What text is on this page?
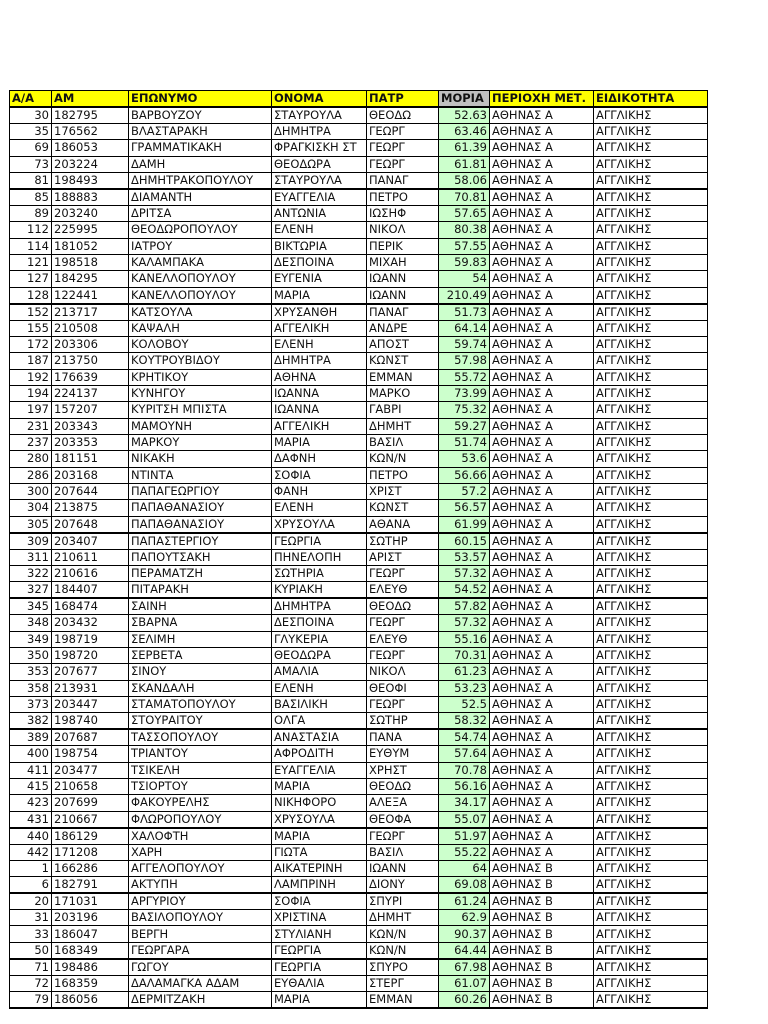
Α/Α	ΑΜ	ΕΠΩΝΥΜΟ	ΟΝΟΜΑ	ΠΑΤΡ	ΜΟΡΙΑ	ΠΕΡΙΟΧΗ ΜΕΤ.	ΕΙΔΙΚΟΤΗΤΑ
30	182795	ΒΑΡΒΟΥΖΟΥ	ΣΤΑΥΡΟΥΛΑ	ΘΕΟΔΩ	52.63	ΑΘΗΝΑΣ Α	ΑΓΓΛΙΚΗΣ
35	176562	ΒΛΑΣΤΑΡΑΚΗ	ΔΗΜΗΤΡΑ	ΓΕΩΡΓ	63.46	ΑΘΗΝΑΣ Α	ΑΓΓΛΙΚΗΣ
69	186053	ΓΡΑΜΜΑΤΙΚΑΚΗ	ΦΡΑΓΚΙΣΚΗ ΣΤ	ΓΕΩΡΓ	61.39	ΑΘΗΝΑΣ Α	ΑΓΓΛΙΚΗΣ
73	203224	ΔΑΜΗ	ΘΕΟΔΩΡΑ	ΓΕΩΡΓ	61.81	ΑΘΗΝΑΣ Α	ΑΓΓΛΙΚΗΣ
81	198493	ΔΗΜΗΤΡΑΚΟΠΟΥΛΟΥ	ΣΤΑΥΡΟΥΛΑ	ΠΑΝΑΓ	58.06	ΑΘΗΝΑΣ Α	ΑΓΓΛΙΚΗΣ
85	188883	ΔΙΑΜΑΝΤΗ	ΕΥΑΓΓΕΛΙΑ	ΠΕΤΡΟ	70.81	ΑΘΗΝΑΣ Α	ΑΓΓΛΙΚΗΣ
89	203240	ΔΡΙΤΣΑ	ΑΝΤΩΝΙΑ	ΙΩΣΗΦ	57.65	ΑΘΗΝΑΣ Α	ΑΓΓΛΙΚΗΣ
112	225995	ΘΕΟΔΩΡΟΠΟΥΛΟΥ	ΕΛΕΝΗ	ΝΙΚΟΛ	80.38	ΑΘΗΝΑΣ Α	ΑΓΓΛΙΚΗΣ
114	181052	ΙΑΤΡΟΥ	ΒΙΚΤΩΡΙΑ	ΠΕΡΙΚ	57.55	ΑΘΗΝΑΣ Α	ΑΓΓΛΙΚΗΣ
121	198518	ΚΑΛΑΜΠΑΚΑ	ΔΕΣΠΟΙΝΑ	ΜΙΧΑΗ	59.83	ΑΘΗΝΑΣ Α	ΑΓΓΛΙΚΗΣ
127	184295	ΚΑΝΕΛΛΟΠΟΥΛΟΥ	ΕΥΓΕΝΙΑ	ΙΩΑΝΝ	54	ΑΘΗΝΑΣ Α	ΑΓΓΛΙΚΗΣ
128	122441	ΚΑΝΕΛΛΟΠΟΥΛΟΥ	ΜΑΡΙΑ	ΙΩΑΝΝ	210.49	ΑΘΗΝΑΣ Α	ΑΓΓΛΙΚΗΣ
152	213717	ΚΑΤΣΟΥΛΑ	ΧΡΥΣΑΝΘΗ	ΠΑΝΑΓ	51.73	ΑΘΗΝΑΣ Α	ΑΓΓΛΙΚΗΣ
155	210508	ΚΑΨΑΛΗ	ΑΓΓΕΛΙΚΗ	ΑΝΔΡΕ	64.14	ΑΘΗΝΑΣ Α	ΑΓΓΛΙΚΗΣ
172	203306	ΚΟΛΟΒΟΥ	ΕΛΕΝΗ	ΑΠΟΣΤ	59.74	ΑΘΗΝΑΣ Α	ΑΓΓΛΙΚΗΣ
187	213750	ΚΟΥΤΡΟΥΒΙΔΟΥ	ΔΗΜΗΤΡΑ	ΚΩΝΣΤ	57.98	ΑΘΗΝΑΣ Α	ΑΓΓΛΙΚΗΣ
192	176639	ΚΡΗΤΙΚΟΥ	ΑΘΗΝΑ	ΕΜΜΑΝ	55.72	ΑΘΗΝΑΣ Α	ΑΓΓΛΙΚΗΣ
194	224137	ΚΥΝΗΓΟΥ	ΙΩΑΝΝΑ	ΜΑΡΚΟ	73.99	ΑΘΗΝΑΣ Α	ΑΓΓΛΙΚΗΣ
197	157207	ΚΥΡΙΤΣΗ ΜΠΙΣΤΑ	ΙΩΑΝΝΑ	ΓΑΒΡΙ	75.32	ΑΘΗΝΑΣ Α	ΑΓΓΛΙΚΗΣ
231	203343	ΜΑΜΟΥΝΗ	ΑΓΓΕΛΙΚΗ	ΔΗΜΗΤ	59.27	ΑΘΗΝΑΣ Α	ΑΓΓΛΙΚΗΣ
237	203353	ΜΑΡΚΟΥ	ΜΑΡΙΑ	ΒΑΣΙΛ	51.74	ΑΘΗΝΑΣ Α	ΑΓΓΛΙΚΗΣ
280	181151	ΝΙΚΑΚΗ	ΔΑΦΝΗ	ΚΩΝ/Ν	53.6	ΑΘΗΝΑΣ Α	ΑΓΓΛΙΚΗΣ
286	203168	ΝΤΙΝΤΑ	ΣΟΦΙΑ	ΠΕΤΡΟ	56.66	ΑΘΗΝΑΣ Α	ΑΓΓΛΙΚΗΣ
300	207644	ΠΑΠΑΓΕΩΡΓΙΟΥ	ΦΑΝΗ	ΧΡΙΣΤ	57.2	ΑΘΗΝΑΣ Α	ΑΓΓΛΙΚΗΣ
304	213875	ΠΑΠΑΘΑΝΑΣΙΟΥ	ΕΛΕΝΗ	ΚΩΝΣΤ	56.57	ΑΘΗΝΑΣ Α	ΑΓΓΛΙΚΗΣ
305	207648	ΠΑΠΑΘΑΝΑΣΙΟΥ	ΧΡΥΣΟΥΛΑ	ΑΘΑΝΑ	61.99	ΑΘΗΝΑΣ Α	ΑΓΓΛΙΚΗΣ
309	203407	ΠΑΠΑΣΤΕΡΓΙΟΥ	ΓΕΩΡΓΙΑ	ΣΩΤΗΡ	60.15	ΑΘΗΝΑΣ Α	ΑΓΓΛΙΚΗΣ
311	210611	ΠΑΠΟΥΤΣΑΚΗ	ΠΗΝΕΛΟΠΗ	ΑΡΙΣΤ	53.57	ΑΘΗΝΑΣ Α	ΑΓΓΛΙΚΗΣ
322	210616	ΠΕΡΑΜΑΤΖΗ	ΣΩΤΗΡΙΑ	ΓΕΩΡΓ	57.32	ΑΘΗΝΑΣ Α	ΑΓΓΛΙΚΗΣ
327	184407	ΠΙΤΑΡΑΚΗ	ΚΥΡΙΑΚΗ	ΕΛΕΥΘ	54.52	ΑΘΗΝΑΣ Α	ΑΓΓΛΙΚΗΣ
345	168474	ΣΑΙΝΗ	ΔΗΜΗΤΡΑ	ΘΕΟΔΩ	57.82	ΑΘΗΝΑΣ Α	ΑΓΓΛΙΚΗΣ
348	203432	ΣΒΑΡΝΑ	ΔΕΣΠΟΙΝΑ	ΓΕΩΡΓ	57.32	ΑΘΗΝΑΣ Α	ΑΓΓΛΙΚΗΣ
349	198719	ΣΕΛΙΜΗ	ΓΛΥΚΕΡΙΑ	ΕΛΕΥΘ	55.16	ΑΘΗΝΑΣ Α	ΑΓΓΛΙΚΗΣ
350	198720	ΣΕΡΒΕΤΑ	ΘΕΟΔΩΡΑ	ΓΕΩΡΓ	70.31	ΑΘΗΝΑΣ Α	ΑΓΓΛΙΚΗΣ
353	207677	ΣΙΝΟΥ	ΑΜΑΛΙΑ	ΝΙΚΟΛ	61.23	ΑΘΗΝΑΣ Α	ΑΓΓΛΙΚΗΣ
358	213931	ΣΚΑΝΔΑΛΗ	ΕΛΕΝΗ	ΘΕΟΦΙ	53.23	ΑΘΗΝΑΣ Α	ΑΓΓΛΙΚΗΣ
373	203447	ΣΤΑΜΑΤΟΠΟΥΛΟΥ	ΒΑΣΙΛΙΚΗ	ΓΕΩΡΓ	52.5	ΑΘΗΝΑΣ Α	ΑΓΓΛΙΚΗΣ
382	198740	ΣΤΟΥΡΑΙΤΟΥ	ΟΛΓΑ	ΣΩΤΗΡ	58.32	ΑΘΗΝΑΣ Α	ΑΓΓΛΙΚΗΣ
389	207687	ΤΑΣΣΟΠΟΥΛΟΥ	ΑΝΑΣΤΑΣΙΑ	ΠΑΝΑ	54.74	ΑΘΗΝΑΣ Α	ΑΓΓΛΙΚΗΣ
400	198754	ΤΡΙΑΝΤΟΥ	ΑΦΡΟΔΙΤΗ	ΕΥΘΥΜ	57.64	ΑΘΗΝΑΣ Α	ΑΓΓΛΙΚΗΣ
411	203477	ΤΣΙΚΕΛΗ	ΕΥΑΓΓΕΛΙΑ	ΧΡΗΣΤ	70.78	ΑΘΗΝΑΣ Α	ΑΓΓΛΙΚΗΣ
415	210658	ΤΣΙΟΡΤΟΥ	ΜΑΡΙΑ	ΘΕΟΔΩ	56.16	ΑΘΗΝΑΣ Α	ΑΓΓΛΙΚΗΣ
423	207699	ΦΑΚΟΥΡΕΛΗΣ	ΝΙΚΗΦΟΡΟ	ΑΛΕΞΑ	34.17	ΑΘΗΝΑΣ Α	ΑΓΓΛΙΚΗΣ
431	210667	ΦΛΩΡΟΠΟΥΛΟΥ	ΧΡΥΣΟΥΛΑ	ΘΕΟΦΑ	55.07	ΑΘΗΝΑΣ Α	ΑΓΓΛΙΚΗΣ
440	186129	ΧΑΛΟΦΤΗ	ΜΑΡΙΑ	ΓΕΩΡΓ	51.97	ΑΘΗΝΑΣ Α	ΑΓΓΛΙΚΗΣ
442	171208	ΧΑΡΗ	ΓΙΩΤΑ	ΒΑΣΙΛ	55.22	ΑΘΗΝΑΣ Α	ΑΓΓΛΙΚΗΣ
1	166286	ΑΓΓΕΛΟΠΟΥΛΟΥ	ΑΙΚΑΤΕΡΙΝΗ	ΙΩΑΝΝ	64	ΑΘΗΝΑΣ Β	ΑΓΓΛΙΚΗΣ
6	182791	ΑΚΤΥΠΗ	ΛΑΜΠΡΙΝΗ	ΔΙΟΝΥ	69.08	ΑΘΗΝΑΣ Β	ΑΓΓΛΙΚΗΣ
20	171031	ΑΡΓΥΡΙΟΥ	ΣΟΦΙΑ	ΣΠΥΡΙ	61.24	ΑΘΗΝΑΣ Β	ΑΓΓΛΙΚΗΣ
31	203196	ΒΑΣΙΛΟΠΟΥΛΟΥ	ΧΡΙΣΤΙΝΑ	ΔΗΜΗΤ	62.9	ΑΘΗΝΑΣ Β	ΑΓΓΛΙΚΗΣ
33	186047	ΒΕΡΓΗ	ΣΤΥΛΙΑΝΗ	ΚΩΝ/Ν	90.37	ΑΘΗΝΑΣ Β	ΑΓΓΛΙΚΗΣ
50	168349	ΓΕΩΡΓΑΡΑ	ΓΕΩΡΓΙΑ	ΚΩΝ/Ν	64.44	ΑΘΗΝΑΣ Β	ΑΓΓΛΙΚΗΣ
71	198486	ΓΩΓΟΥ	ΓΕΩΡΓΙΑ	ΣΠΥΡΟ	67.98	ΑΘΗΝΑΣ Β	ΑΓΓΛΙΚΗΣ
72	168359	ΔΑΛΑΜΑΓΚΑ ΑΔΑΜ	ΕΥΘΑΛΙΑ	ΣΤΕΡΓ	61.07	ΑΘΗΝΑΣ Β	ΑΓΓΛΙΚΗΣ
79	186056	ΔΕΡΜΙΤΖΑΚΗ	ΜΑΡΙΑ	ΕΜΜΑΝ	60.26	ΑΘΗΝΑΣ Β	ΑΓΓΛΙΚΗΣ
